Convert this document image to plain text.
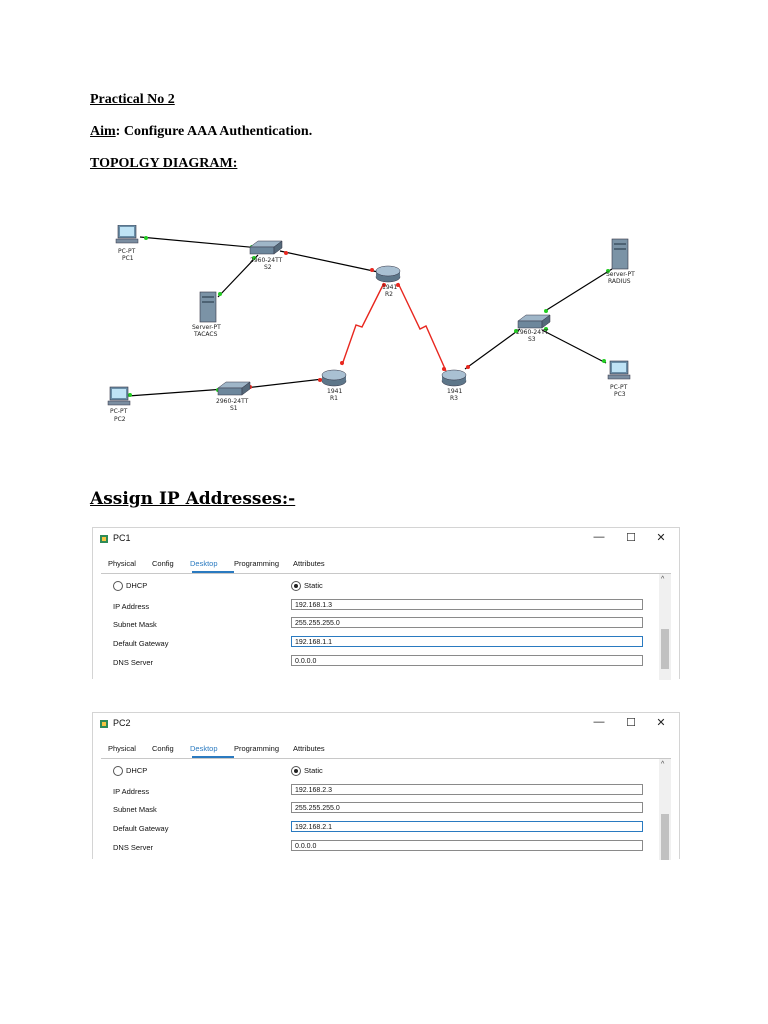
Practical No 2
Aim: Configure AAA Authentication.
TOPOLGY DIAGRAM:
PC-PT
PC1	2960-24TT
S2
Server-PT
TACACS
1941
R2
Server-PT
RADIUS
2960-24TT
S3
PC-PT
PC3
PC-PT
PC2
2960-24TT
S1
1941
R1
1941
R3
Assign IP Addresses:-
PC1	—	☐	✕
Physical Config Desktop Programming Attributes
DHCP	Static
IP Address	192.168.1.3
Subnet Mask	255.255.255.0
Default Gateway	192.168.1.1
DNS Server	0.0.0.0
^
PC2	—	☐	✕
Physical Config Desktop Programming Attributes
DHCP	Static
IP Address	192.168.2.3
Subnet Mask	255.255.255.0
Default Gateway	192.168.2.1
DNS Server	0.0.0.0
^
